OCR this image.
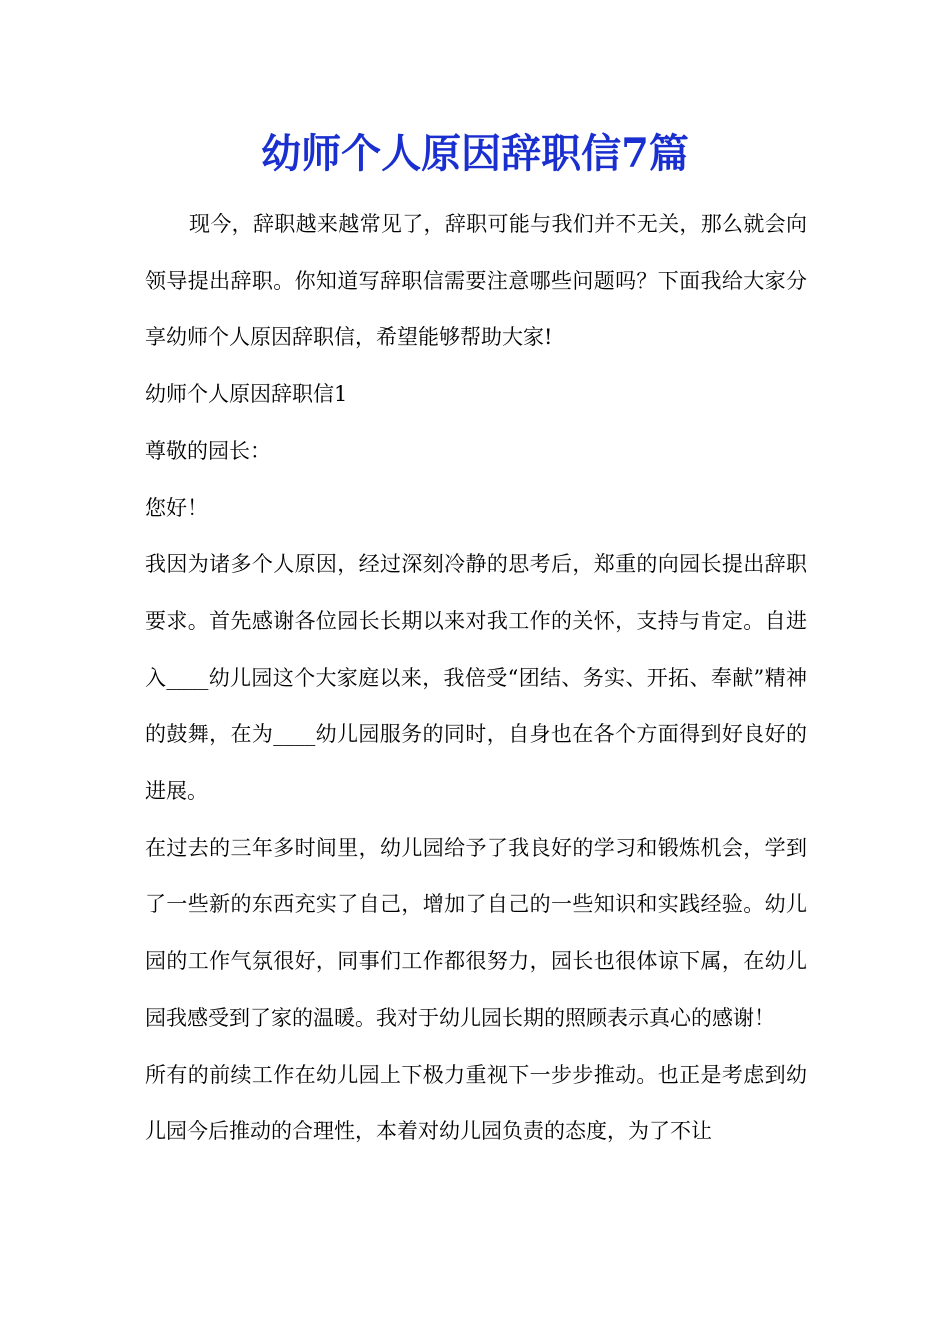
幼师个人原因辞职信7篇

现今，辞职越来越常见了，辞职可能与我们并不无关，那么就会向领导提出辞职。你知道写辞职信需要注意哪些问题吗？下面我给大家分享幼师个人原因辞职信，希望能够帮助大家!

幼师个人原因辞职信1

尊敬的园长：

您好！

我因为诸多个人原因，经过深刻冷静的思考后，郑重的向园长提出辞职要求。首先感谢各位园长长期以来对我工作的关怀，支持与肯定。自进入____幼儿园这个大家庭以来，我倍受“团结、务实、开拓、奉献”精神的鼓舞，在为____幼儿园服务的同时，自身也在各个方面得到好良好的进展。

在过去的三年多时间里，幼儿园给予了我良好的学习和锻炼机会，学到了一些新的东西充实了自己，增加了自己的一些知识和实践经验。幼儿园的工作气氛很好，同事们工作都很努力，园长也很体谅下属，在幼儿园我感受到了家的温暖。我对于幼儿园长期的照顾表示真心的感谢！

所有的前续工作在幼儿园上下极力重视下一步步推动。也正是考虑到幼儿园今后推动的合理性，本着对幼儿园负责的态度，为了不让
